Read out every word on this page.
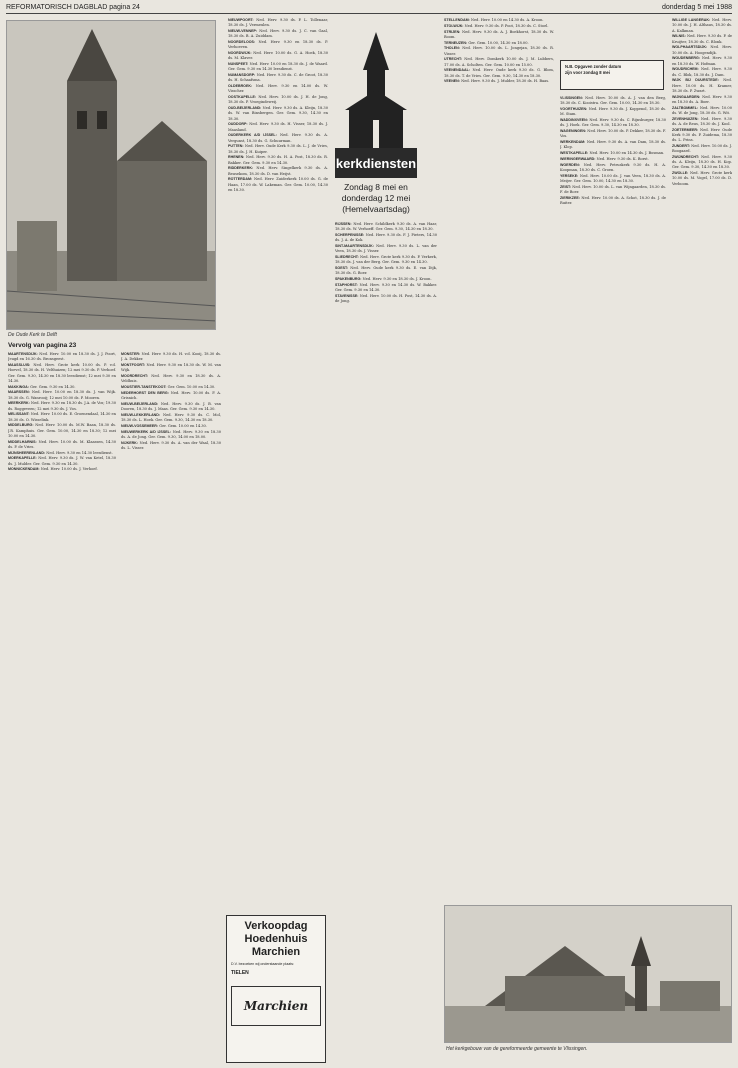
REFORMATORISCH DAGBLAD pagina 24	donderdag 5 mei 1988
De Oude Kerk te Delft
Vervolg van pagina 23

MAARTENSDIJK: Ned. Herv. 10.00 en 18.30 ds. J. J. Poort, Jeugd en 16.30 ds. Bronsgeest.

MAASSLUIS: Ned. Herv. Grote kerk 10.00 ds. P. v.d. Hoevel, 18.30 ds. H. Velthuizen; 12 mei 9.30 ds. P. Verhoef. Ger. Gem. 9.30, 14.30 en 18.30 leesdienst; 12 mei 9.30 en 14.30.

MAKKINGA: Ger. Gem. 9.30 en 14.30.

MAARSSEN: Ned. Herv. 10.00 en 18.30 ds. J. van Wijk. 18.30 ds. G. Wanrooij; 12 mei 10.00 ds. P. Mooren.

MEERKERK: Ned. Herv. 9.30 en 18.30 ds. J.A. de Vos; 19.30 ds. Roggeveen; 12 mei 9.30 ds. J. Vos.

MELISSANT: Ned. Herv. 10.00 ds. E. Groenendaal, 14.30 en 18.30 ds. O. Wisselink.

MIDDELBURG: Ned. Herv. 10.00 ds. M.W. Baan, 18.30 ds. J.R. Kamphuis. Ger. Gem. 10.00, 14.30 en 18.30; 12 mei 10.00 en 14.30.

MIDDELHARNIS: Ned. Herv. 10.00 ds. M. Klaassen, 14.30 ds. P. de Vries.

MIJNSHEERENLAND: Ned. Herv. 9.30 en 14.30 leesdienst.

MOERKAPELLE: Ned. Herv. 9.30 ds. J. W. van Ketel, 18.30 ds. J. Mulder. Ger. Gem. 9.30 en 14.30.

MONNICKENDAM: Ned. Herv. 10.00 ds. J. Verhoef.

MONSTER: Ned. Herv. 9.30 ds. H. v.d. Kooij, 18.30 ds. J. A. Dekker.

MONTFOORT: Ned. Herv. 9.30 en 18.30 ds. W. M. van Wijk.

MOORDRECHT: Ned. Herv. 9.30 en 18.30 ds. A. Veldhuis.

MOUSTIER-TANSTEKOOT: Ger. Gem. 10.00 en 14.30.

NEDERHORST DEN BERG: Ned. Herv. 10.00 ds. F. A. Grisnich.

NIEUW-BEIJERLAND: Ned. Herv. 9.30 ds. J. B. van Dooren, 18.30 ds. J. Maas. Ger. Gem. 9.30 en 14.30.

NIEUW-LEKKERLAND: Ned. Herv. 9.30 ds. C. Mol, 18.30 ds. L. Hoek. Ger. Gem. 9.30, 14.30 en 18.30.

NIEUW-VOSSEMEER: Ger. Gem. 10.00 en 14.30.

NIEUWERKERK A/D IJSSEL: Ned. Herv. 9.30 en 18.30 ds. A. de Jong. Ger. Gem. 9.30, 14.00 en 18.00.

NIJKERK: Ned. Herv. 9.30 ds. A. van der Waal, 18.30 ds. L. Visser.

NIEUWPOORT: Ned. Herv. 9.30 ds. P. L. Tollenaar, 18.30 ds. J. Vermeulen.

NIEUW-VENNEP: Ned. Herv. 9.30 ds. J. C. van Gaal, 18.30 ds. B. A. Zuiddam.

NOORDELOOS: Ned. Herv. 9.30 en 18.30 ds. P. Verhoeven.

NOORDWIJK: Ned. Herv. 10.00 ds. G. A. Hoek, 18.30 ds. M. Klaver.

NUNSPEET: Ned. Herv. 10.00 en 18.30 ds. J. de Waard. Ger. Gem. 9.30 en 14.30 leesdienst.

NUMANSDORP: Ned. Herv. 9.30 ds. C. de Groot, 18.30 ds. H. Schaafsma.

OLDEBROEK: Ned. Herv. 9.30 en 14.00 ds. W. Visscher.

OOSTKAPELLE: Ned. Herv. 10.00 ds. J. H. de Jong, 18.30 ds. P. Vroegindeweij.

OUD-BEIJERLAND: Ned. Herv. 9.30 ds. A. Kleijn, 18.30 ds. W. van Binsbergen. Ger. Gem. 9.30, 14.30 en 18.30.

OUDDORP: Ned. Herv. 9.30 ds. H. Visser, 18.30 ds. J. Maasland.

OUDERKERK A/D IJSSEL: Ned. Herv. 9.30 ds. A. Vergunst, 18.30 ds. G. Schuurman.

PUTTEN: Ned. Herv. Oude Kerk 9.30 ds. L. J. de Vries, 18.30 ds. J. H. Kuiper.

RHENEN: Ned. Herv. 9.30 ds. H. A. Post, 18.30 ds. R. Bakker. Ger. Gem. 9.30 en 14.30.

RIDDERKERK: Ned. Herv. Singelkerk 9.30 ds. A. Beusekom, 18.30 ds. D. van Heijst.

ROTTERDAM: Ned. Herv. Zuiderkerk 10.00 ds. G. de Haan, 17.00 ds. W. Lakeman. Ger. Gem. 10.00, 14.30 en 18.30.

kerkdiensten
Zondag 8 mei en
donderdag 12 mei
(Hemelvaartsdag)

RIJSSEN: Ned. Herv. Schildkerk 9.30 ds. A. van Haar, 18.30 ds. W. Verhoeff. Ger. Gem. 9.30, 14.30 en 18.30.

SCHERPENISSE: Ned. Herv. 9.30 ds. F. J. Pieters, 14.30 ds. J. A. de Kok.

SINT-MAARTENSDIJK: Ned. Herv. 9.30 ds. L. van der Veen, 18.30 ds. J. Visser.

SLIEDRECHT: Ned. Herv. Grote kerk 9.30 ds. P. Verkerk, 18.30 ds. J. van der Berg. Ger. Gem. 9.30 en 14.30.

SOEST: Ned. Herv. Oude kerk 9.30 ds. E. van Dijk, 18.30 ds. G. Boer.

SPAKENBURG: Ned. Herv. 9.30 en 18.30 ds. J. Kroon.

STAPHORST: Ned. Herv. 9.30 en 14.30 ds. W. Bakker. Ger. Gem. 9.30 en 14.30.

STAVENISSE: Ned. Herv. 10.00 ds. H. Post, 14.30 ds. A. de Jong.

STELLENDAM: Ned. Herv. 10.00 en 14.30 ds. A. Kroon.

STOLWIJK: Ned. Herv. 9.30 ds. P. Poot, 18.30 ds. C. Stoel.

STRIJEN: Ned. Herv. 9.30 ds. A. J. Boekhorst, 18.30 ds. W. Boom.

TERNEUZEN: Ger. Gem. 10.00, 14.30 en 18.00.

THOLEN: Ned. Herv. 10.00 ds. L. Jongejan, 18.30 ds. R. Visser.

UTRECHT: Ned. Herv. Domkerk 10.00 ds. J. M. Lubbers, 17.00 ds. A. Scholten. Ger. Gem. 10.00 en 15.00.

VEENENDAAL: Ned. Herv. Oude kerk 9.30 ds. G. Blom, 18.30 ds. T. de Vries. Ger. Gem. 9.30, 14.30 en 18.30.

VEENEN: Ned. Herv. 9.30 ds. J. Mulder, 18.30 ds. H. Baas.

N.B. Opgaven zonder datum
zijn voor zondag 8 mei

VLISSINGEN: Ned. Herv. 10.00 ds. A. J. van den Berg, 18.30 ds. C. Kooistra. Ger. Gem. 10.00, 14.30 en 18.30.

VOORTHUIZEN: Ned. Herv. 9.30 ds. J. Koppenol, 18.30 ds. M. Stam.

WADDINXVEEN: Ned. Herv. 9.30 ds. C. Rijnsburger, 18.30 ds. J. Hoek. Ger. Gem. 9.30, 14.30 en 18.30.

WAGENINGEN: Ned. Herv. 10.00 ds. P. Dekker, 18.30 ds. F. Vos.

WERKENDAM: Ned. Herv. 9.30 ds. A. van Dam, 18.30 ds. J. Klop.

WESTKAPELLE: Ned. Herv. 10.00 en 14.30 ds. J. Bosman.

WIERINGERWAARD: Ned. Herv. 9.30 ds. K. Borst.

WOERDEN: Ned. Herv. Petruskerk 9.30 ds. H. A. Koopman, 18.30 ds. C. Groen.

YERSEKE: Ned. Herv. 10.00 ds. J. van Veen, 18.30 ds. A. Meijer. Ger. Gem. 10.00, 14.30 en 18.30.

ZEIST: Ned. Herv. 10.00 ds. L. van Wijngaarden, 18.30 ds. F. de Boer.

ZIERIKZEE: Ned. Herv. 10.00 ds. A. Schot, 18.30 ds. J. de Ruiter.

WILLIGE LANGERAK: Ned. Herv. 10.00 ds. J. H. Althaus, 18.30 ds. A. Kalkman.

WILNIS: Ned. Herv. 9.30 ds. P. de Kruijter, 18.30 ds. C. Blonk.

WOLPHAARTSDIJK: Ned. Herv. 10.00 ds. A. Hoogendijk.

WOUDENBERG: Ned. Herv. 9.30 en 18.30 ds. W. Hofman.

WOUDRICHEM: Ned. Herv. 9.30 ds. C. Blok, 18.30 ds. J. Dam.

WIJK BIJ DUURSTEDE: Ned. Herv. 10.00 ds. H. Kramer, 18.30 ds. P. Zwart.

WIJNGAARDEN: Ned. Herv. 9.30 en 18.30 ds. A. Boer.

ZALTBOMMEL: Ned. Herv. 10.00 ds. W. de Jong, 18.30 ds. G. Wit.

ZEVENHUIZEN: Ned. Herv. 9.30 ds. A. de Reus, 18.30 ds. J. Kool.

ZOETERMEER: Ned. Herv. Oude Kerk 9.30 ds. P. Zuidema, 18.30 ds. L. Prins.

ZUNDERT: Ned. Herv. 10.00 ds. J. Boogaard.

ZWIJNDRECHT: Ned. Herv. 9.30 ds. A. Kleijn, 18.30 ds. H. Kop. Ger. Gem. 9.30, 14.30 en 18.30.

ZWOLLE: Ned. Herv. Grote kerk 10.00 ds. M. Vogel, 17.00 ds. D. Verboom.

Verkoopdag
Hoedenhuis
Marchien
D.V. bezoeken wij onderstaande plaats:
TIELEN
Marchien
Het kerkgebouw van de gereformeerde gemeente te Vlissingen.
